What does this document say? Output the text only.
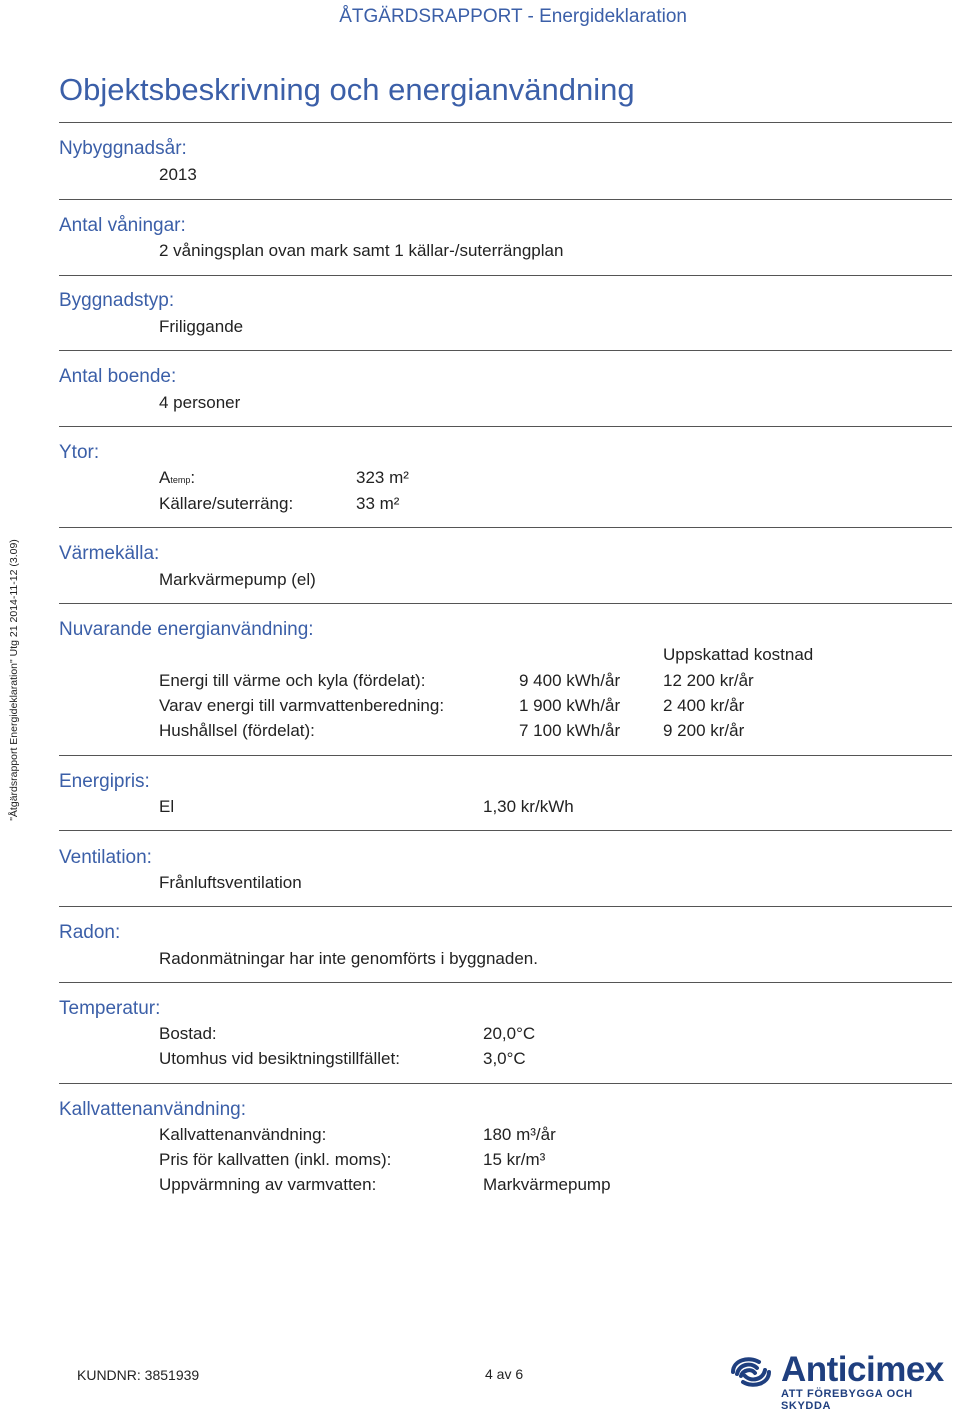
ÅTGÄRDSRAPPORT - Energideklaration
Objektsbeskrivning och energianvändning
"Åtgärdsrapport Energideklaration" Utg 21 2014-11-12 (3.09)
Nybyggnadsår:
2013
Antal våningar:
2 våningsplan ovan mark samt 1 källar-/suterrängplan
Byggnadstyp:
Friliggande
Antal boende:
4 personer
Ytor:
Atemp:	323 m²
Källare/suterräng:	33 m²
Värmekälla:
Markvärmepump (el)
Nuvarande energianvändning:
Uppskattad kostnad
Energi till värme och kyla (fördelat):	9 400 kWh/år	12 200 kr/år
Varav energi till varmvattenberedning:	1 900 kWh/år	2 400 kr/år
Hushållsel (fördelat):	7 100 kWh/år	9 200 kr/år
Energipris:
El	1,30 kr/kWh
Ventilation:
Frånluftsventilation
Radon:
Radonmätningar har inte genomförts i byggnaden.
Temperatur:
Bostad:	20,0°C
Utomhus vid besiktningstillfället:	3,0°C
Kallvattenanvändning:
Kallvattenanvändning:	180 m³/år
Pris för kallvatten (inkl. moms):	15 kr/m³
Uppvärmning av varmvatten:	Markvärmepump
KUNDNR: 3851939	4 av 6	Anticimex
ATT FÖREBYGGA OCH SKYDDA
